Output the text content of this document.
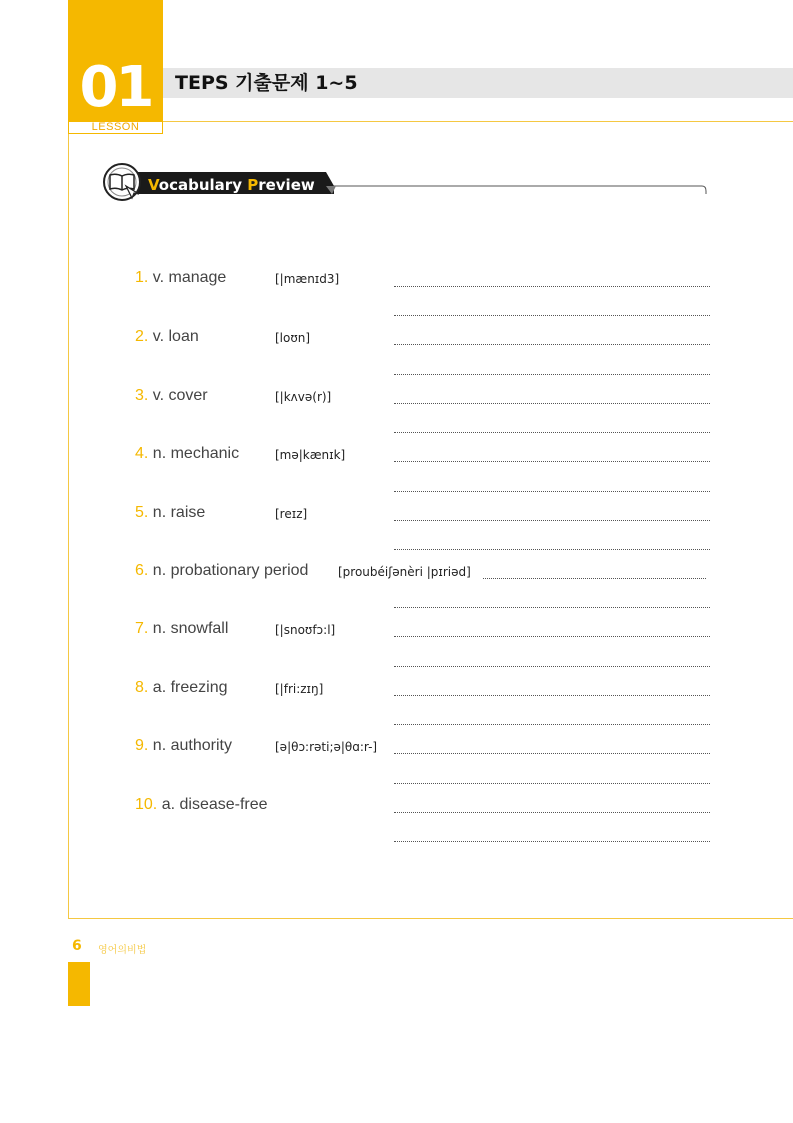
01
LESSON
TEPS 기출문제 1~5
Vocabulary Preview
1. v. manage	[|mænɪd3]
2. v. loan	[loʊn]
3. v. cover	[|kʌvə(r)]
4. n. mechanic	[mə|kænɪk]
5. n. raise	[reɪz]
6. n. probationary period [proubéiʃənèri |pɪriəd]
7. n. snowfall	[|snoʊfɔ:l]
8. a. freezing	[|fri:zɪŋ]
9. n. authority	[ə|θɔ:rəti;ə|θɑ:r-]
10. a. disease-free
6 영어의비법
